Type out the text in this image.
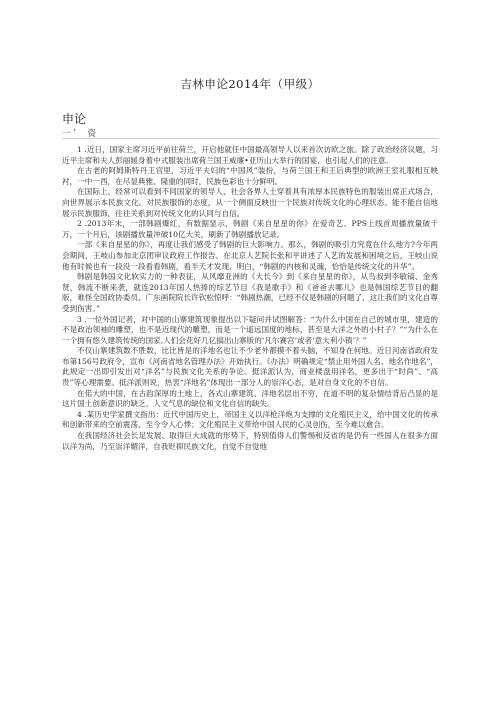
吉林申论2014年（甲级）
申论
一＇　资

1 .近日，国家主席习近平前往荷兰，开启他就任中国最高领导人以来首次访欧之旅。除了政治经济议题，习近平主席和夫人彭丽媛身着中式服装出席荷兰国王威廉•亚历山大举行的国宴，也引起人们的注意。

在古老的阿姆斯特丹王宫里，习近平夫妇的“中国风”装扮，与荷兰国王和王后典型的欧洲王室礼服相互映衬，一中一西，在尽显典雅、隆重的同时，民族色彩也十分鲜明。

在国际上，经常可以看到不同国家的领导人、社会各界人士穿着具有浓厚本民族特色的服装出席正式场合，向世界展示本民族文化。对民族服饰的态度，从一个侧面反映出一个民族对传统文化的心理状态。能不能自信地展示民族服饰，往往关系到对传统文化的认同与自信。

2 .2013年末，一部韩剧爆红，有数据显示，韩剧《来自星星的你》在爱奇艺、PPS上线首周播放量破千万，一个月后，该剧播放量冲破10亿大关，刷新了韩剧播放记录。

一部《来自星星的你》，再度让我们感受了韩剧的巨大影响力。那么，韩剧的吸引力究竟在什么地方?今年两会期间，王岐山参加北京团审议政府工作报告。在北京人艺院长张和平讲述了人艺的发展和困境之后，王岐山说他有时候也有一段没一段看看韩剧，看半天才发现、明白，“韩剧的内核和灵魂，恰恰是传统文化的升华”。

韩剧是韩国文化软实力的一种表征，从风靡亚洲的《大长今》到《来自星星的你》，从鸟叔到李敏镐、金秀贤，韩流不断来袭，就连2013年国人热捧的综艺节目《我是歌手》和《爸爸去哪儿》也是韩国综艺节目的翻版，难怪全国政协委员、广东画院院长许钦松惊呼：“韩剧热潮，已经不仅是韩剧的问题了，这让我们的文化自尊受到伤害。”

3 .一位外国记者，对中国的山寨建筑现象提出以下疑问并试图解答：“为什么中国在自己的城市里，建造的不是政治领袖的雕塑，也不是近现代的雕塑，而是一个遥远国度的地标，甚至是大洋之外的小村子？”“为什么在一个拥有悠久建筑传统的国家,人们会花好几亿搞出山寨版的‘凡尔赛宫’或者‘意大利小镇’？”

不仅山寨建筑数不胜数，比比皆是的洋地名也让不少老外都摸不着头脑，不知身在何地。近日河南省政府发布第156号政府令，宣布《河南省地名管理办法》开始执行。《办法》明确规定“禁止用外国人名、地名作地名”，此规定一出即引发出对“洋名”与民族文化关系的争论。挺洋派认为，商业楼盘用洋名，更多出于“时尚”、“高贵”等心理需要。抵洋派则说，热衷“洋地名”体现出一部分人的崇洋心态，是对自身文化的不自信。

在偌大的中国，在古韵深厚的土地上，各式山寨建筑、洋地名层出不穷，在道不明的复杂情结背后凸显的是这片国土创新意识的缺乏、人文气息的缺位和文化自信的缺失。

4 .某历史学家撰文指出：近代中国历史上，帝国主义以洋枪洋炮为支撑的文化殖民主义，给中国文化的传承和创新带来的空前震荡，至今令人心悸；文化殖民主义带给中国人民的心灵创伤，至今难以愈合。

在我国经济社会长足发展、取得巨大成就的形势下，特别值得人们警惕和反省的是仍有一些国人在很多方面以洋为尚，乃至崇洋媚洋，自我贬抑民族文化，自觉不自觉地
